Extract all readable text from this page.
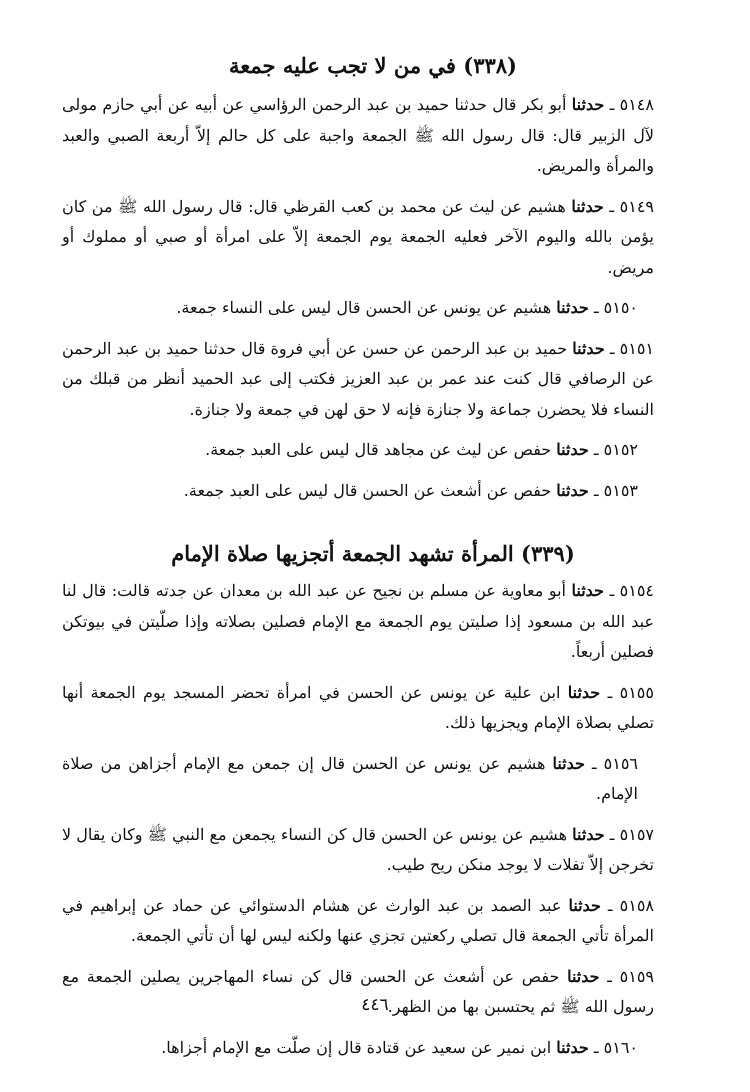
(٣٣٨) في من لا تجب عليه جمعة

٥١٤٨ ـ حدثنا أبو بكر قال حدثنا حميد بن عبد الرحمن الرؤاسي عن أبيه عن أبي حازم مولى لآل الزبير قال: قال رسول الله ﷺ الجمعة واجبة على كل حالم إلاّ أربعة الصبي والعبد والمرأة والمريض.

٥١٤٩ ـ حدثنا هشيم عن ليث عن محمد بن كعب القرظي قال: قال رسول الله ﷺ من كان يؤمن بالله واليوم الآخر فعليه الجمعة يوم الجمعة إلاّ على امرأة أو صبي أو مملوك أو مريض.

٥١٥٠ ـ حدثنا هشيم عن يونس عن الحسن قال ليس على النساء جمعة.

٥١٥١ ـ حدثنا حميد بن عبد الرحمن عن حسن عن أبي فروة قال حدثنا حميد بن عبد الرحمن عن الرصافي قال كنت عند عمر بن عبد العزيز فكتب إلى عبد الحميد أنظر من قبلك من النساء فلا يحضرن جماعة ولا جنازة فإنه لا حق لهن في جمعة ولا جنازة.

٥١٥٢ ـ حدثنا حفص عن ليث عن مجاهد قال ليس على العبد جمعة.

٥١٥٣ ـ حدثنا حفص عن أشعث عن الحسن قال ليس على العبد جمعة.

(٣٣٩) المرأة تشهد الجمعة أتجزيها صلاة الإمام

٥١٥٤ ـ حدثنا أبو معاوية عن مسلم بن نجيح عن عبد الله بن معدان عن جدته قالت: قال لنا عبد الله بن مسعود إذا صليتن يوم الجمعة مع الإمام فصلين بصلاته وإذا صلّيتن في بيوتكن فصلين أربعاً.

٥١٥٥ ـ حدثنا ابن علية عن يونس عن الحسن في امرأة تحضر المسجد يوم الجمعة أنها تصلي بصلاة الإمام ويجزيها ذلك.

٥١٥٦ ـ حدثنا هشيم عن يونس عن الحسن قال إن جمعن مع الإمام أجزاهن من صلاة الإمام.

٥١٥٧ ـ حدثنا هشيم عن يونس عن الحسن قال كن النساء يجمعن مع النبي ﷺ وكان يقال لا تخرجن إلاّ تفلات لا يوجد منكن ريح طيب.

٥١٥٨ ـ حدثنا عبد الصمد بن عبد الوارث عن هشام الدستوائي عن حماد عن إبراهيم في المرأة تأتي الجمعة قال تصلي ركعتين تجزي عنها ولكنه ليس لها أن تأتي الجمعة.

٥١٥٩ ـ حدثنا حفص عن أشعث عن الحسن قال كن نساء المهاجرين يصلين الجمعة مع رسول الله ﷺ ثم يحتسبن بها من الظهر.

٥١٦٠ ـ حدثنا ابن نمير عن سعيد عن قتادة قال إن صلّت مع الإمام أجزاها.

٤٤٦
